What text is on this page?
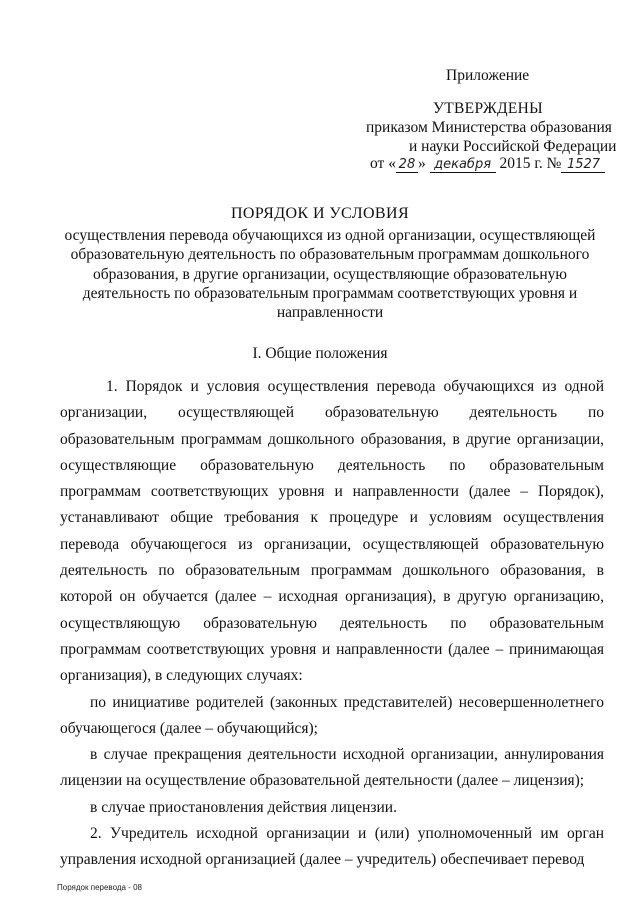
Приложение
УТВЕРЖДЕНЫ
приказом Министерства образования
и науки Российской Федерации
от « 28 » декабря 2015 г. № 1527
ПОРЯДОК И УСЛОВИЯ
осуществления перевода обучающихся из одной организации, осуществляющей образовательную деятельность по образовательным программам дошкольного образования, в другие организации, осуществляющие образовательную деятельность по образовательным программам соответствующих уровня и направленности
I. Общие положения

1. Порядок и условия осуществления перевода обучающихся из одной организации, осуществляющей образовательную деятельность по образовательным программам дошкольного образования, в другие организации, осуществляющие образовательную деятельность по образовательным программам соответствующих уровня и направленности (далее – Порядок), устанавливают общие требования к процедуре и условиям осуществления перевода обучающегося из организации, осуществляющей образовательную деятельность по образовательным программам дошкольного образования, в которой он обучается (далее – исходная организация), в другую организацию, осуществляющую образовательную деятельность по образовательным программам соответствующих уровня и направленности (далее – принимающая организация), в следующих случаях:

по инициативе родителей (законных представителей) несовершеннолетнего обучающегося (далее – обучающийся);

в случае прекращения деятельности исходной организации, аннулирования лицензии на осуществление образовательной деятельности (далее – лицензия);

в случае приостановления действия лицензии.

2. Учредитель исходной организации и (или) уполномоченный им орган управления исходной организацией (далее – учредитель) обеспечивает перевод

Порядок перевода - 08
